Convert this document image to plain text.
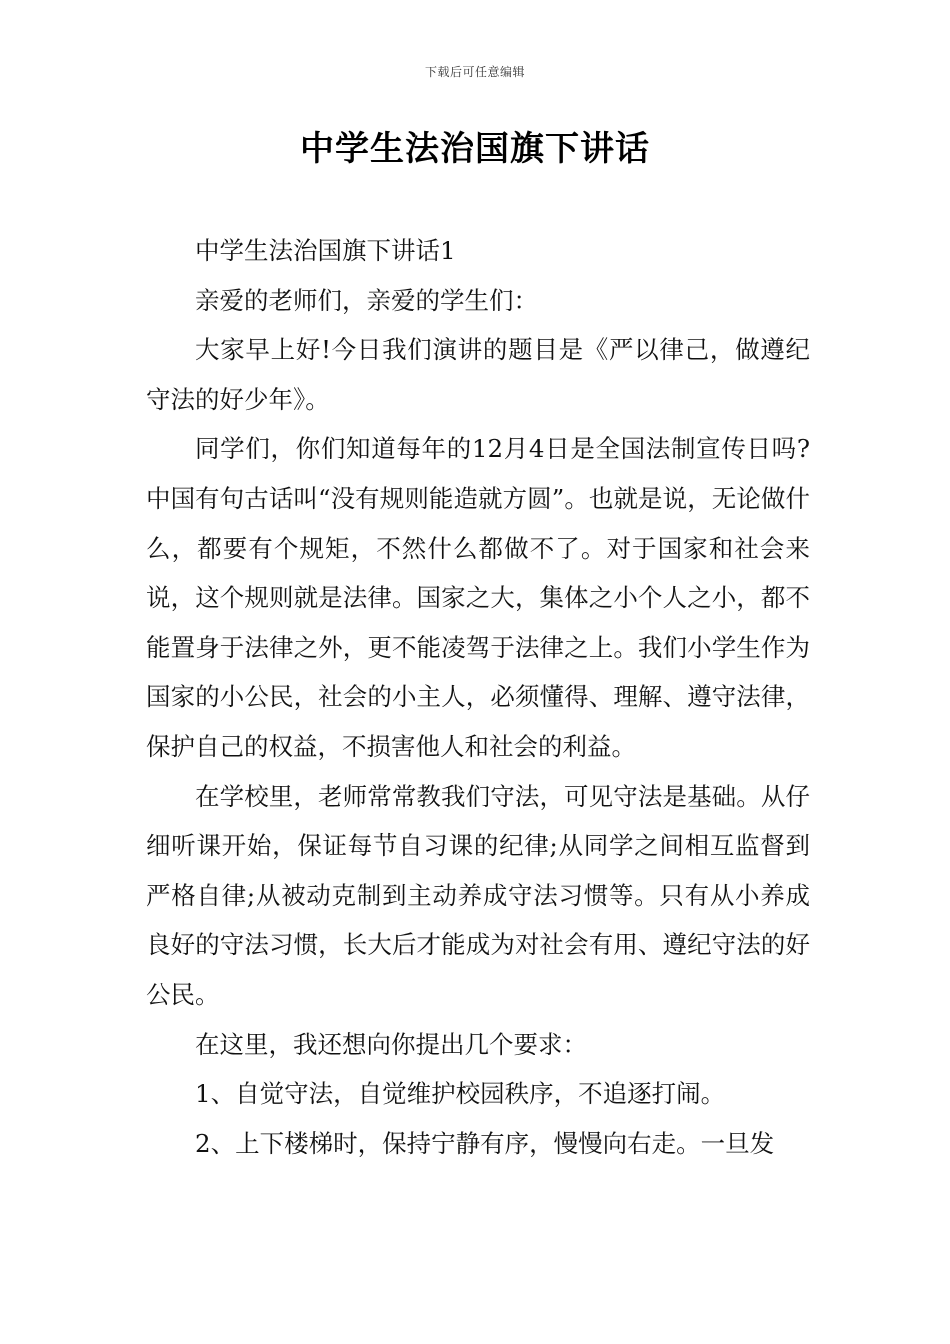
下载后可任意编辑
中学生法治国旗下讲话

中学生法治国旗下讲话1

亲爱的老师们，亲爱的学生们：

大家早上好!今日我们演讲的题目是《严以律己，做遵纪守法的好少年》。

同学们，你们知道每年的12月4日是全国法制宣传日吗?中国有句古话叫“没有规则能造就方圆”。也就是说，无论做什么，都要有个规矩，不然什么都做不了。对于国家和社会来说，这个规则就是法律。国家之大，集体之小个人之小，都不能置身于法律之外，更不能凌驾于法律之上。我们小学生作为国家的小公民，社会的小主人，必须懂得、理解、遵守法律，保护自己的权益，不损害他人和社会的利益。

在学校里，老师常常教我们守法，可见守法是基础。从仔细听课开始，保证每节自习课的纪律;从同学之间相互监督到严格自律;从被动克制到主动养成守法习惯等。只有从小养成良好的守法习惯，长大后才能成为对社会有用、遵纪守法的好公民。

在这里，我还想向你提出几个要求：

1、自觉守法，自觉维护校园秩序，不追逐打闹。

2、上下楼梯时，保持宁静有序，慢慢向右走。一旦发
